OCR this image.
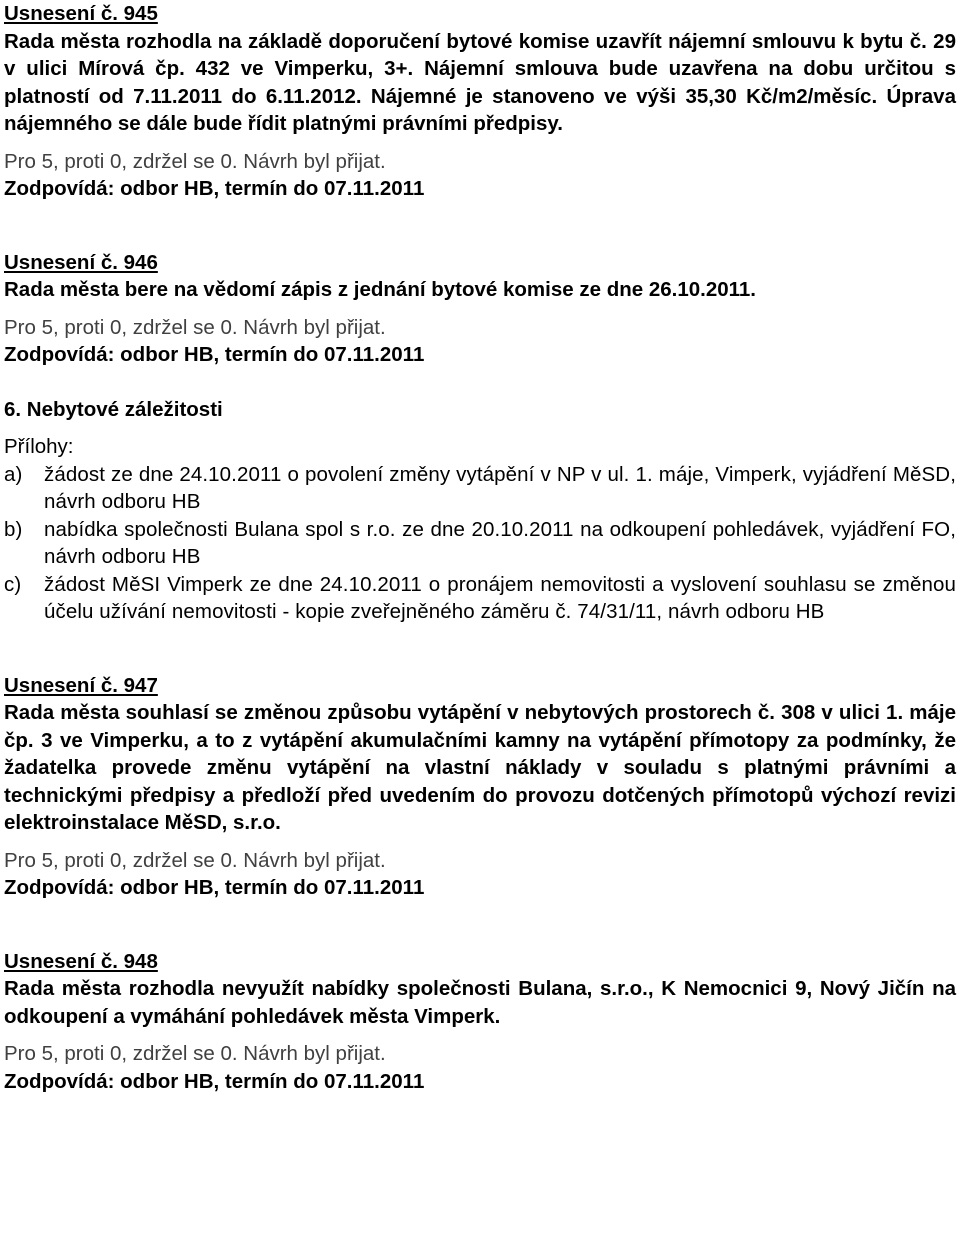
Usnesení č. 945
Rada města rozhodla na základě doporučení bytové komise uzavřít nájemní smlouvu k bytu č. 29 v ulici Mírová čp. 432 ve Vimperku, 3+. Nájemní smlouva bude uzavřena na dobu určitou s platností od 7.11.2011 do 6.11.2012. Nájemné je stanoveno ve výši 35,30 Kč/m2/měsíc. Úprava nájemného se dále bude řídit platnými právními předpisy.
Pro 5, proti 0, zdržel se 0. Návrh byl přijat.
Zodpovídá: odbor HB, termín do 07.11.2011
Usnesení č. 946
Rada města bere na vědomí zápis z jednání bytové komise ze dne 26.10.2011.
Pro 5, proti 0, zdržel se 0. Návrh byl přijat.
Zodpovídá: odbor HB, termín do 07.11.2011
6. Nebytové záležitosti
Přílohy:
a)	žádost ze dne 24.10.2011 o povolení změny vytápění v NP v ul. 1. máje, Vimperk, vyjádření MěSD, návrh odboru HB
b)	nabídka společnosti Bulana spol s r.o. ze dne 20.10.2011 na odkoupení pohledávek, vyjádření FO, návrh odboru HB
c)	žádost MěSI Vimperk ze dne 24.10.2011 o pronájem nemovitosti a vyslovení souhlasu se změnou účelu užívání nemovitosti - kopie zveřejněného záměru č. 74/31/11, návrh odboru HB
Usnesení č. 947
Rada města souhlasí se změnou způsobu vytápění v nebytových prostorech č. 308 v ulici 1. máje čp. 3 ve Vimperku, a to z vytápění akumulačními kamny na vytápění přímotopy za podmínky, že žadatelka provede změnu vytápění na vlastní náklady v souladu s platnými právními a technickými předpisy a předloží před uvedením do provozu dotčených přímotopů výchozí revizi elektroinstalace MěSD, s.r.o.
Pro 5, proti 0, zdržel se 0. Návrh byl přijat.
Zodpovídá: odbor HB, termín do 07.11.2011
Usnesení č. 948
Rada města rozhodla nevyužít nabídky společnosti Bulana, s.r.o., K Nemocnici 9, Nový Jičín na odkoupení a vymáhání pohledávek města Vimperk.
Pro 5, proti 0, zdržel se 0. Návrh byl přijat.
Zodpovídá: odbor HB, termín do 07.11.2011
